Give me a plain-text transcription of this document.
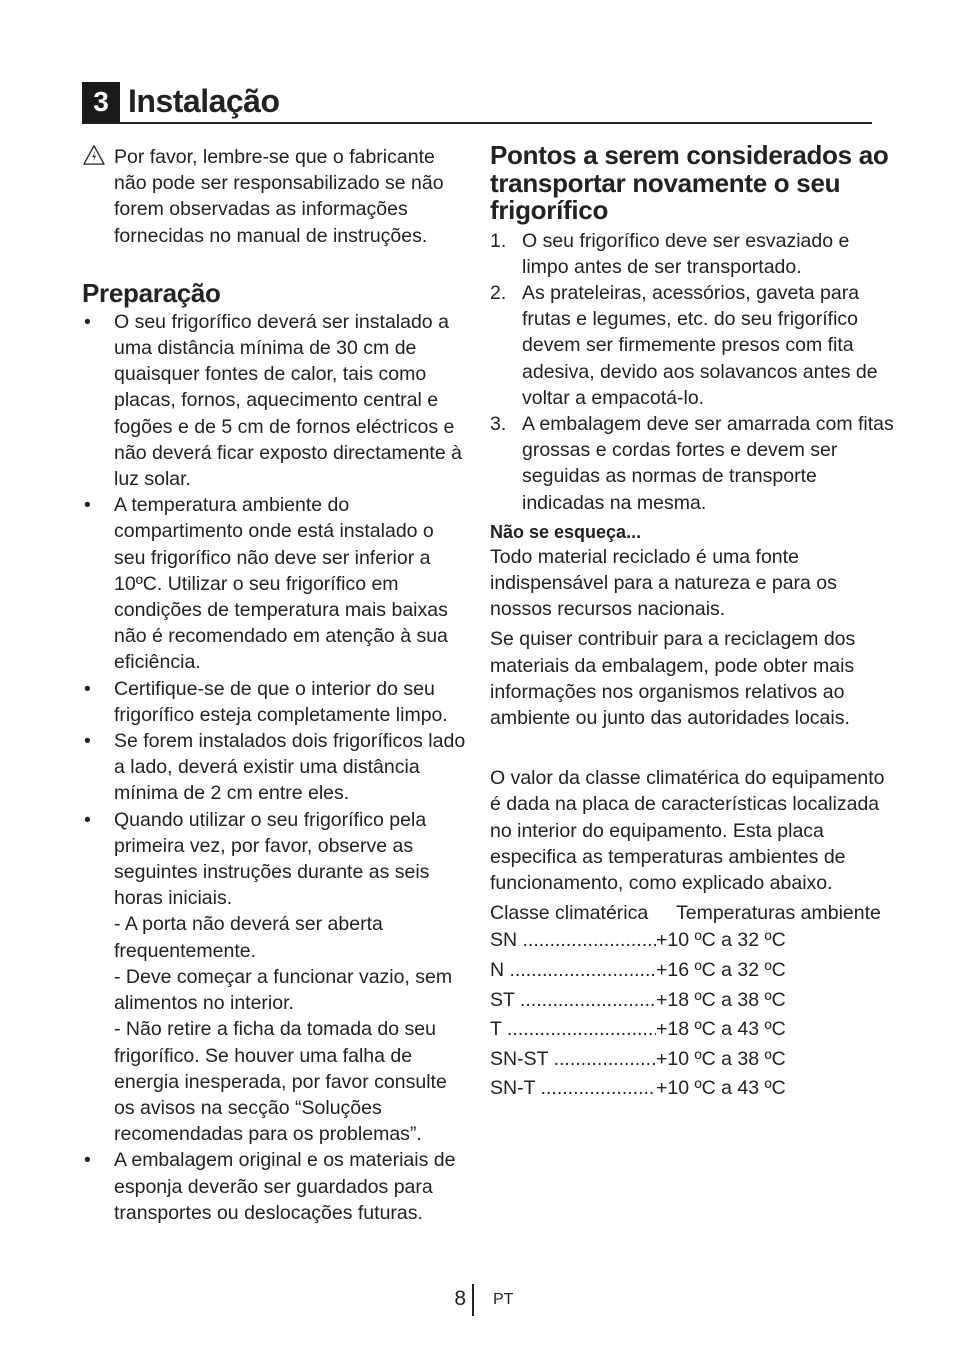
3 Instalação
Por favor, lembre-se que o fabricante não pode ser responsabilizado se não forem observadas as informações fornecidas no manual de instruções.
Preparação
• O seu frigorífico deverá ser instalado a uma distância mínima de 30 cm de quaisquer fontes de calor, tais como placas, fornos, aquecimento central e fogões e de 5 cm de fornos eléctricos e não deverá ficar exposto directamente à luz solar.
• A temperatura ambiente do compartimento onde está instalado o seu frigorífico não deve ser inferior a 10ºC. Utilizar o seu frigorífico em condições de temperatura mais baixas não é recomendado em atenção à sua eficiência.
• Certifique-se de que o interior do seu frigorífico esteja completamente limpo.
• Se forem instalados dois frigoríficos lado a lado, deverá existir uma distância mínima de 2 cm entre eles.
• Quando utilizar o seu frigorífico pela primeira vez, por favor, observe as seguintes instruções durante as seis horas iniciais.
- A porta não deverá ser aberta frequentemente.
- Deve começar a funcionar vazio, sem alimentos no interior.
- Não retire a ficha da tomada do seu frigorífico. Se houver uma falha de energia inesperada, por favor consulte os avisos na secção “Soluções recomendadas para os problemas”.
• A embalagem original e os materiais de esponja deverão ser guardados para transportes ou deslocações futuras.
Pontos a serem considerados ao transportar novamente o seu frigorífico
1. O seu frigorífico deve ser esvaziado e limpo antes de ser transportado.
2. As prateleiras, acessórios, gaveta para frutas e legumes, etc. do seu frigorífico devem ser firmemente presos com fita adesiva, devido aos solavancos antes de voltar a empacotá-lo.
3. A embalagem deve ser amarrada com fitas grossas e cordas fortes e devem ser seguidas as normas de transporte indicadas na mesma.
Não se esqueça...

Todo material reciclado é uma fonte indispensável para a natureza e para os nossos recursos nacionais.

Se quiser contribuir para a reciclagem dos materiais da embalagem, pode obter mais informações nos organismos relativos ao ambiente ou junto das autoridades locais.

O valor da classe climatérica do equipamento é dada na placa de características localizada no interior do equipamento. Esta placa especifica as temperaturas ambientes de funcionamento, como explicado abaixo.

Classe climatérica	Temperaturas ambiente
SN .....	+10 ºC a 32 ºC
N .....	+16 ºC a 32 ºC
ST .....	+18 ºC a 38 ºC
T .....	+18 ºC a 43 ºC
SN-ST .....	+10 ºC a 38 ºC
SN-T .....	+10 ºC a 43 ºC
8 PT
